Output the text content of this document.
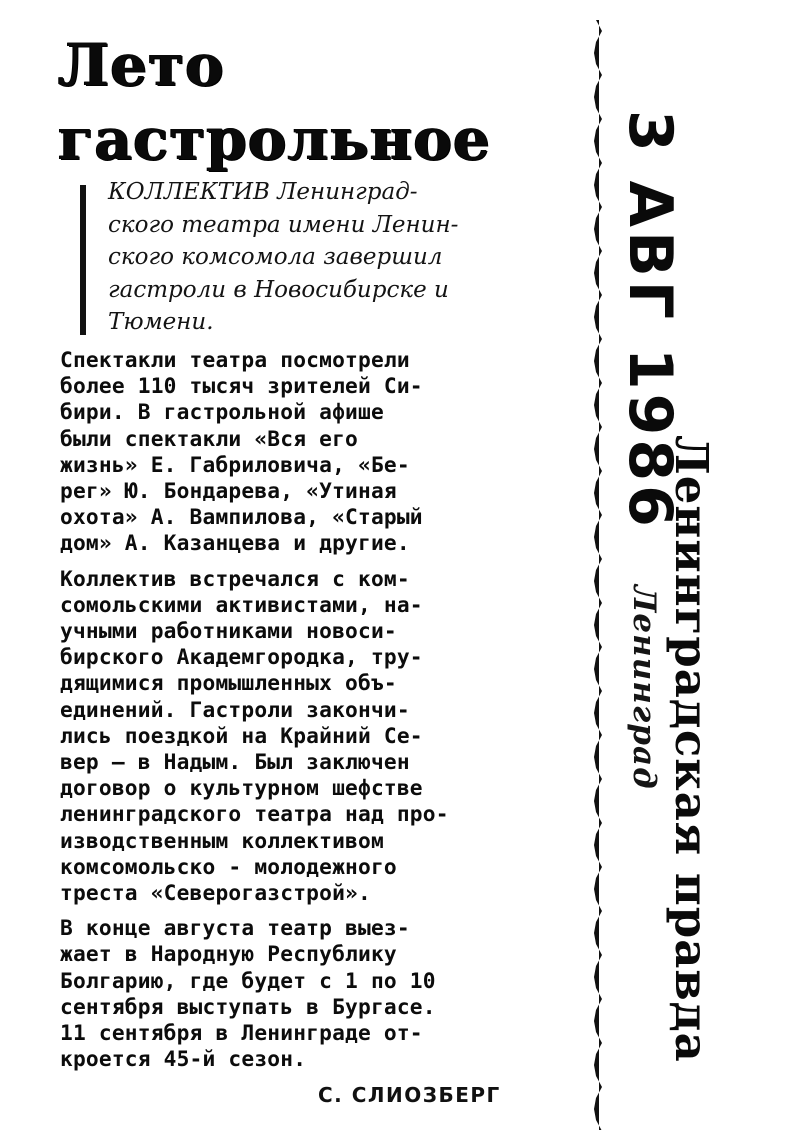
Лето
гастрольное
КОЛЛЕКТИВ Ленинград-
ского театра имени Ленин-
ского комсомола завершил
гастроли в Новосибирске и
Тюмени.
Спектакли театра посмотрели
более 110 тысяч зрителей Си-
бири. В гастрольной афише
были спектакли «Вся его
жизнь» Е. Габриловича, «Бе-
рег» Ю. Бондарева, «Утиная
охота» А. Вампилова, «Старый
дом» А. Казанцева и другие.
Коллектив встречался с ком-
сомольскими активистами, на-
учными работниками новоси-
бирского Академгородка, тру-
дящимися промышленных объ-
единений. Гастроли закончи-
лись поездкой на Крайний Се-
вер — в Надым. Был заключен
договор о культурном шефстве
ленинградского театра над про-
изводственным коллективом
комсомольско - молодежного
треста «Северогазстрой».
В конце августа театр выез-
жает в Народную Республику
Болгарию, где будет с 1 по 10
сентября выступать в Бургасе.
11 сентября в Ленинграде от-
кроется 45-й сезон.
С. СЛИОЗБЕРГ
3 АВГ 1986
Ленинградская правда
Ленинград
